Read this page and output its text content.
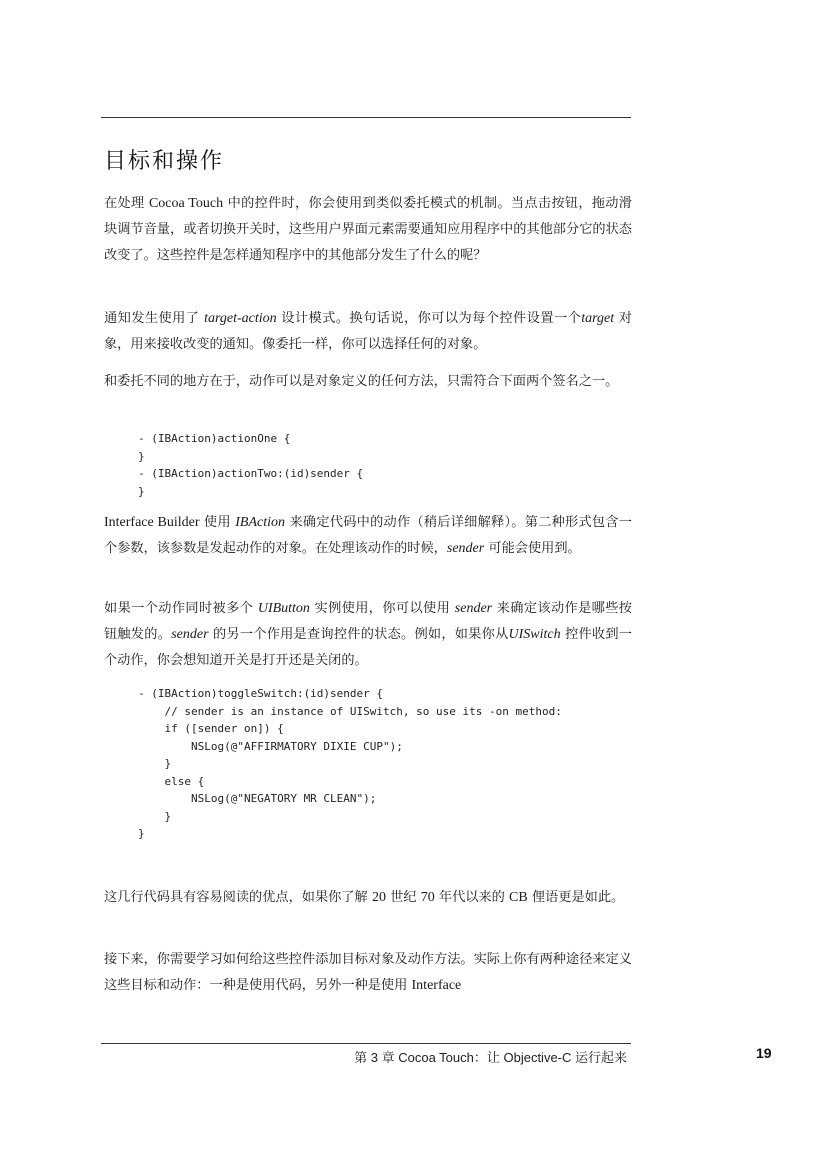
目标和操作

在处理 Cocoa Touch 中的控件时，你会使用到类似委托模式的机制。当点击按钮，拖动滑块调节音量，或者切换开关时，这些用户界面元素需要通知应用程序中的其他部分它的状态改变了。这些控件是怎样通知程序中的其他部分发生了什么的呢？

通知发生使用了 target-action 设计模式。换句话说，你可以为每个控件设置一个target 对象，用来接收改变的通知。像委托一样，你可以选择任何的对象。

和委托不同的地方在于，动作可以是对象定义的任何方法，只需符合下面两个签名之一。

- (IBAction)actionOne {
}
- (IBAction)actionTwo:(id)sender {
}

Interface Builder 使用 IBAction 来确定代码中的动作（稍后详细解释）。第二种形式包含一个参数，该参数是发起动作的对象。在处理该动作的时候，sender 可能会使用到。

如果一个动作同时被多个 UIButton 实例使用，你可以使用 sender 来确定该动作是哪些按钮触发的。sender 的另一个作用是查询控件的状态。例如，如果你从UISwitch 控件收到一个动作，你会想知道开关是打开还是关闭的。

- (IBAction)toggleSwitch:(id)sender {
// sender is an instance of UISwitch, so use its -on method:
if ([sender on]) {
NSLog(@"AFFIRMATORY DIXIE CUP");
}
else {
NSLog(@"NEGATORY MR CLEAN");
}
}

这几行代码具有容易阅读的优点，如果你了解 20 世纪 70 年代以来的 CB 俚语更是如此。

接下来，你需要学习如何给这些控件添加目标对象及动作方法。实际上你有两种途径来定义这些目标和动作：一种是使用代码，另外一种是使用 Interface

第 3 章 Cocoa Touch：让 Objective-C 运行起来	19
